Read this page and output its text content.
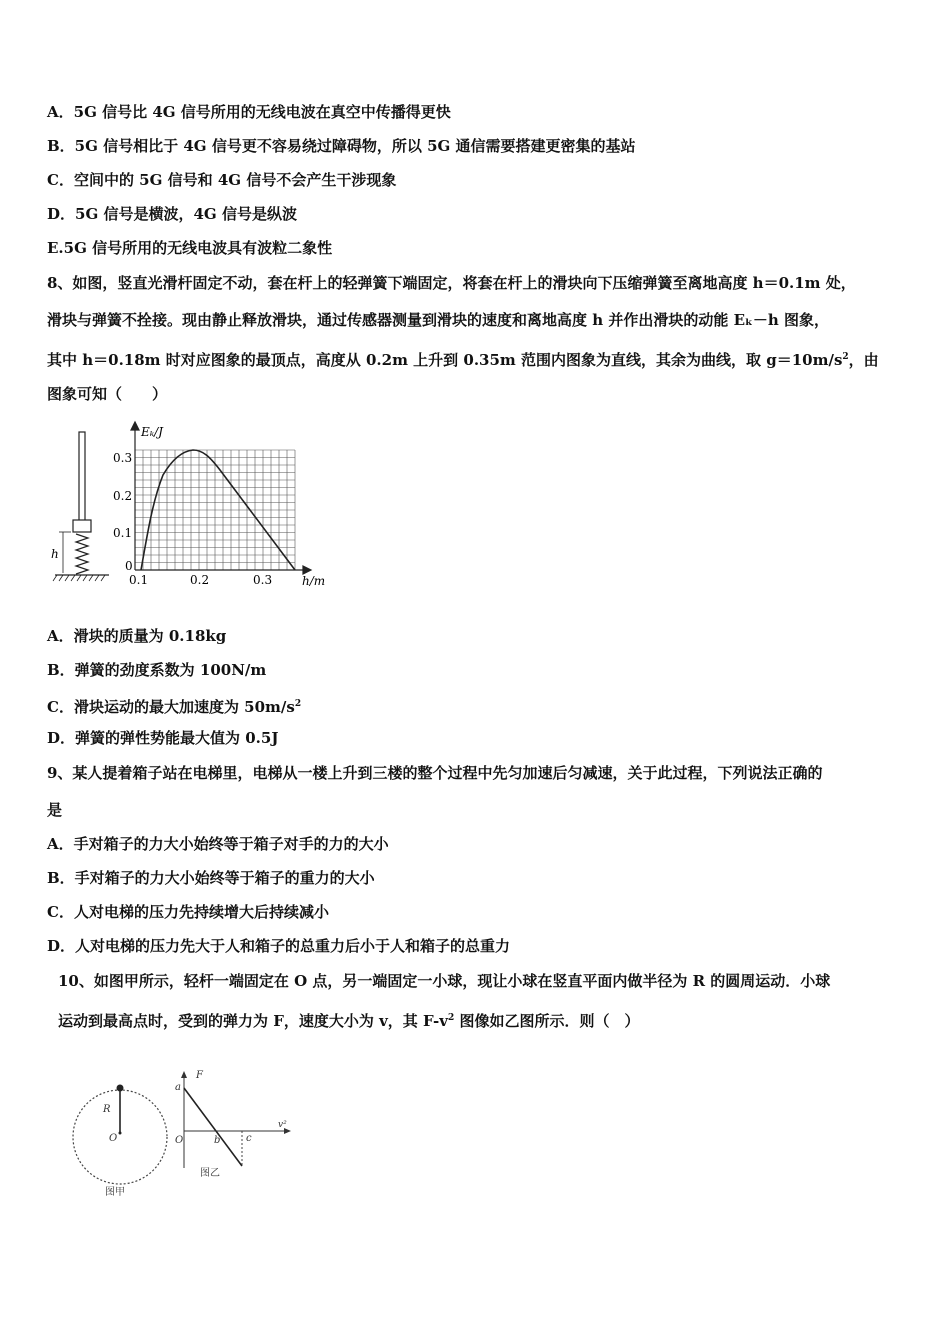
A．5G 信号比 4G 信号所用的无线电波在真空中传播得更快
B．5G 信号相比于 4G 信号更不容易绕过障碍物，所以 5G 通信需要搭建更密集的基站
C．空间中的 5G 信号和 4G 信号不会产生干涉现象
D．5G 信号是横波，4G 信号是纵波
E.5G 信号所用的无线电波具有波粒二象性
8、如图，竖直光滑杆固定不动，套在杆上的轻弹簧下端固定，将套在杆上的滑块向下压缩弹簧至离地高度 h＝0.1m 处，
滑块与弹簧不拴接。现由静止释放滑块，通过传感器测量到滑块的速度和离地高度 h 并作出滑块的动能 Eₖ－h 图象，
其中 h＝0.18m 时对应图象的最顶点，高度从 0.2m 上升到 0.35m 范围内图象为直线，其余为曲线，取 $g=10m/s^2$，由
图象可知（　　）
h
Eₖ/J
h/m
0.3
0.2
0.1
0
0.1	0.2	0.3
A．滑块的质量为 0.18kg
B．弹簧的劲度系数为 100N/m
C．滑块运动的最大加速度为 $50m/s^2$
D．弹簧的弹性势能最大值为 0.5J
9、某人提着箱子站在电梯里，电梯从一楼上升到三楼的整个过程中先匀加速后匀减速，关于此过程，下列说法正确的
是
A．手对箱子的力大小始终等于箱子对手的力的大小
B．手对箱子的力大小始终等于箱子的重力的大小
C．人对电梯的压力先持续增大后持续减小
D．人对电梯的压力先大于人和箱子的总重力后小于人和箱子的总重力
10、如图甲所示，轻杆一端固定在 O 点，另一端固定一小球，现让小球在竖直平面内做半径为 R 的圆周运动．小球
运动到最高点时，受到的弹力为 F，速度大小为 v，其 $F-v^2$ 图像如乙图所示．则（　）
R
O
图甲
F
a
O	b	c
v²
图乙
